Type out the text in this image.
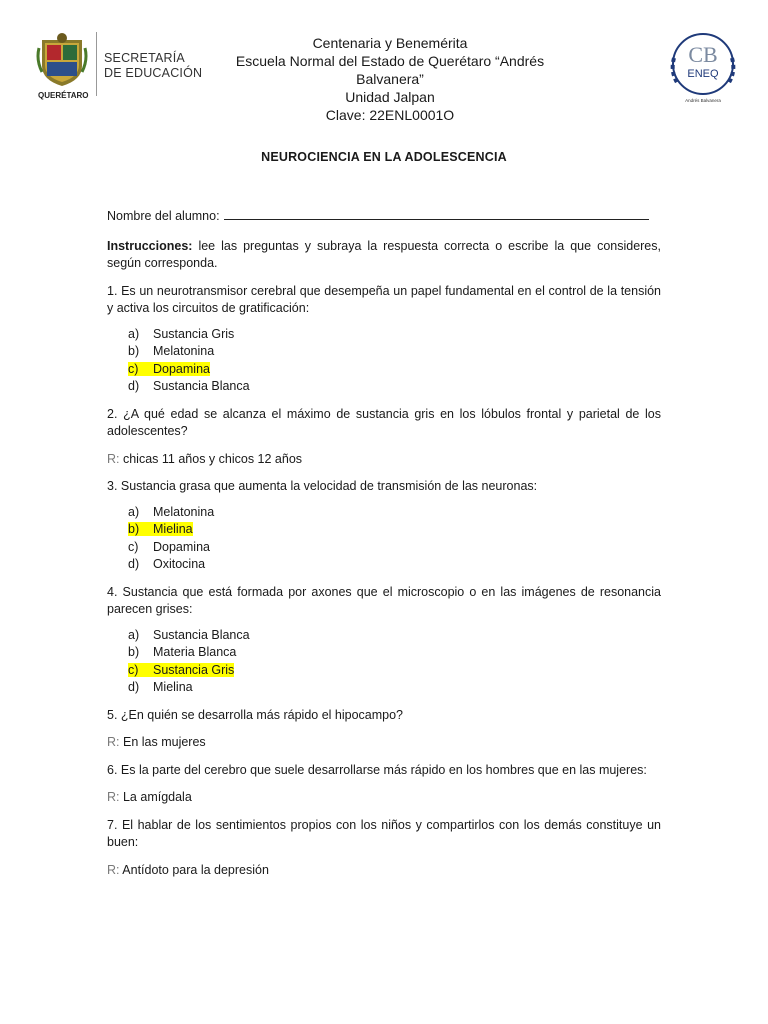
SECRETARÍA
DE EDUCACIÓN
QUERÉTARO
Centenaria y Benemérita
Escuela Normal del Estado de Querétaro “Andrés
Balvanera”
Unidad Jalpan
Clave: 22ENL0001O
CB
ENEQ
Andrés Balvanera
NEUROCIENCIA EN LA ADOLESCENCIA

Nombre del alumno:

Instrucciones: lee las preguntas y subraya la respuesta correcta o escribe la que consideres, según corresponda.

1. Es un neurotransmisor cerebral que desempeña un papel fundamental en el control de la tensión y activa los circuitos de gratificación:

a) Sustancia Gris
b) Melatonina
c) Dopamina
d) Sustancia Blanca

2. ¿A qué edad se alcanza el máximo de sustancia gris en los lóbulos frontal y parietal de los adolescentes?

R: chicas 11 años y chicos 12 años

3. Sustancia grasa que aumenta la velocidad de transmisión de las neuronas:

a) Melatonina
b) Mielina
c) Dopamina
d) Oxitocina

4. Sustancia que está formada por axones que el microscopio o en las imágenes de resonancia parecen grises:

a) Sustancia Blanca
b) Materia Blanca
c) Sustancia Gris
d) Mielina

5. ¿En quién se desarrolla más rápido el hipocampo?

R: En las mujeres

6. Es la parte del cerebro que suele desarrollarse más rápido en los hombres que en las mujeres:

R: La amígdala

7. El hablar de los sentimientos propios con los niños y compartirlos con los demás constituye un buen:

R: Antídoto para la depresión
